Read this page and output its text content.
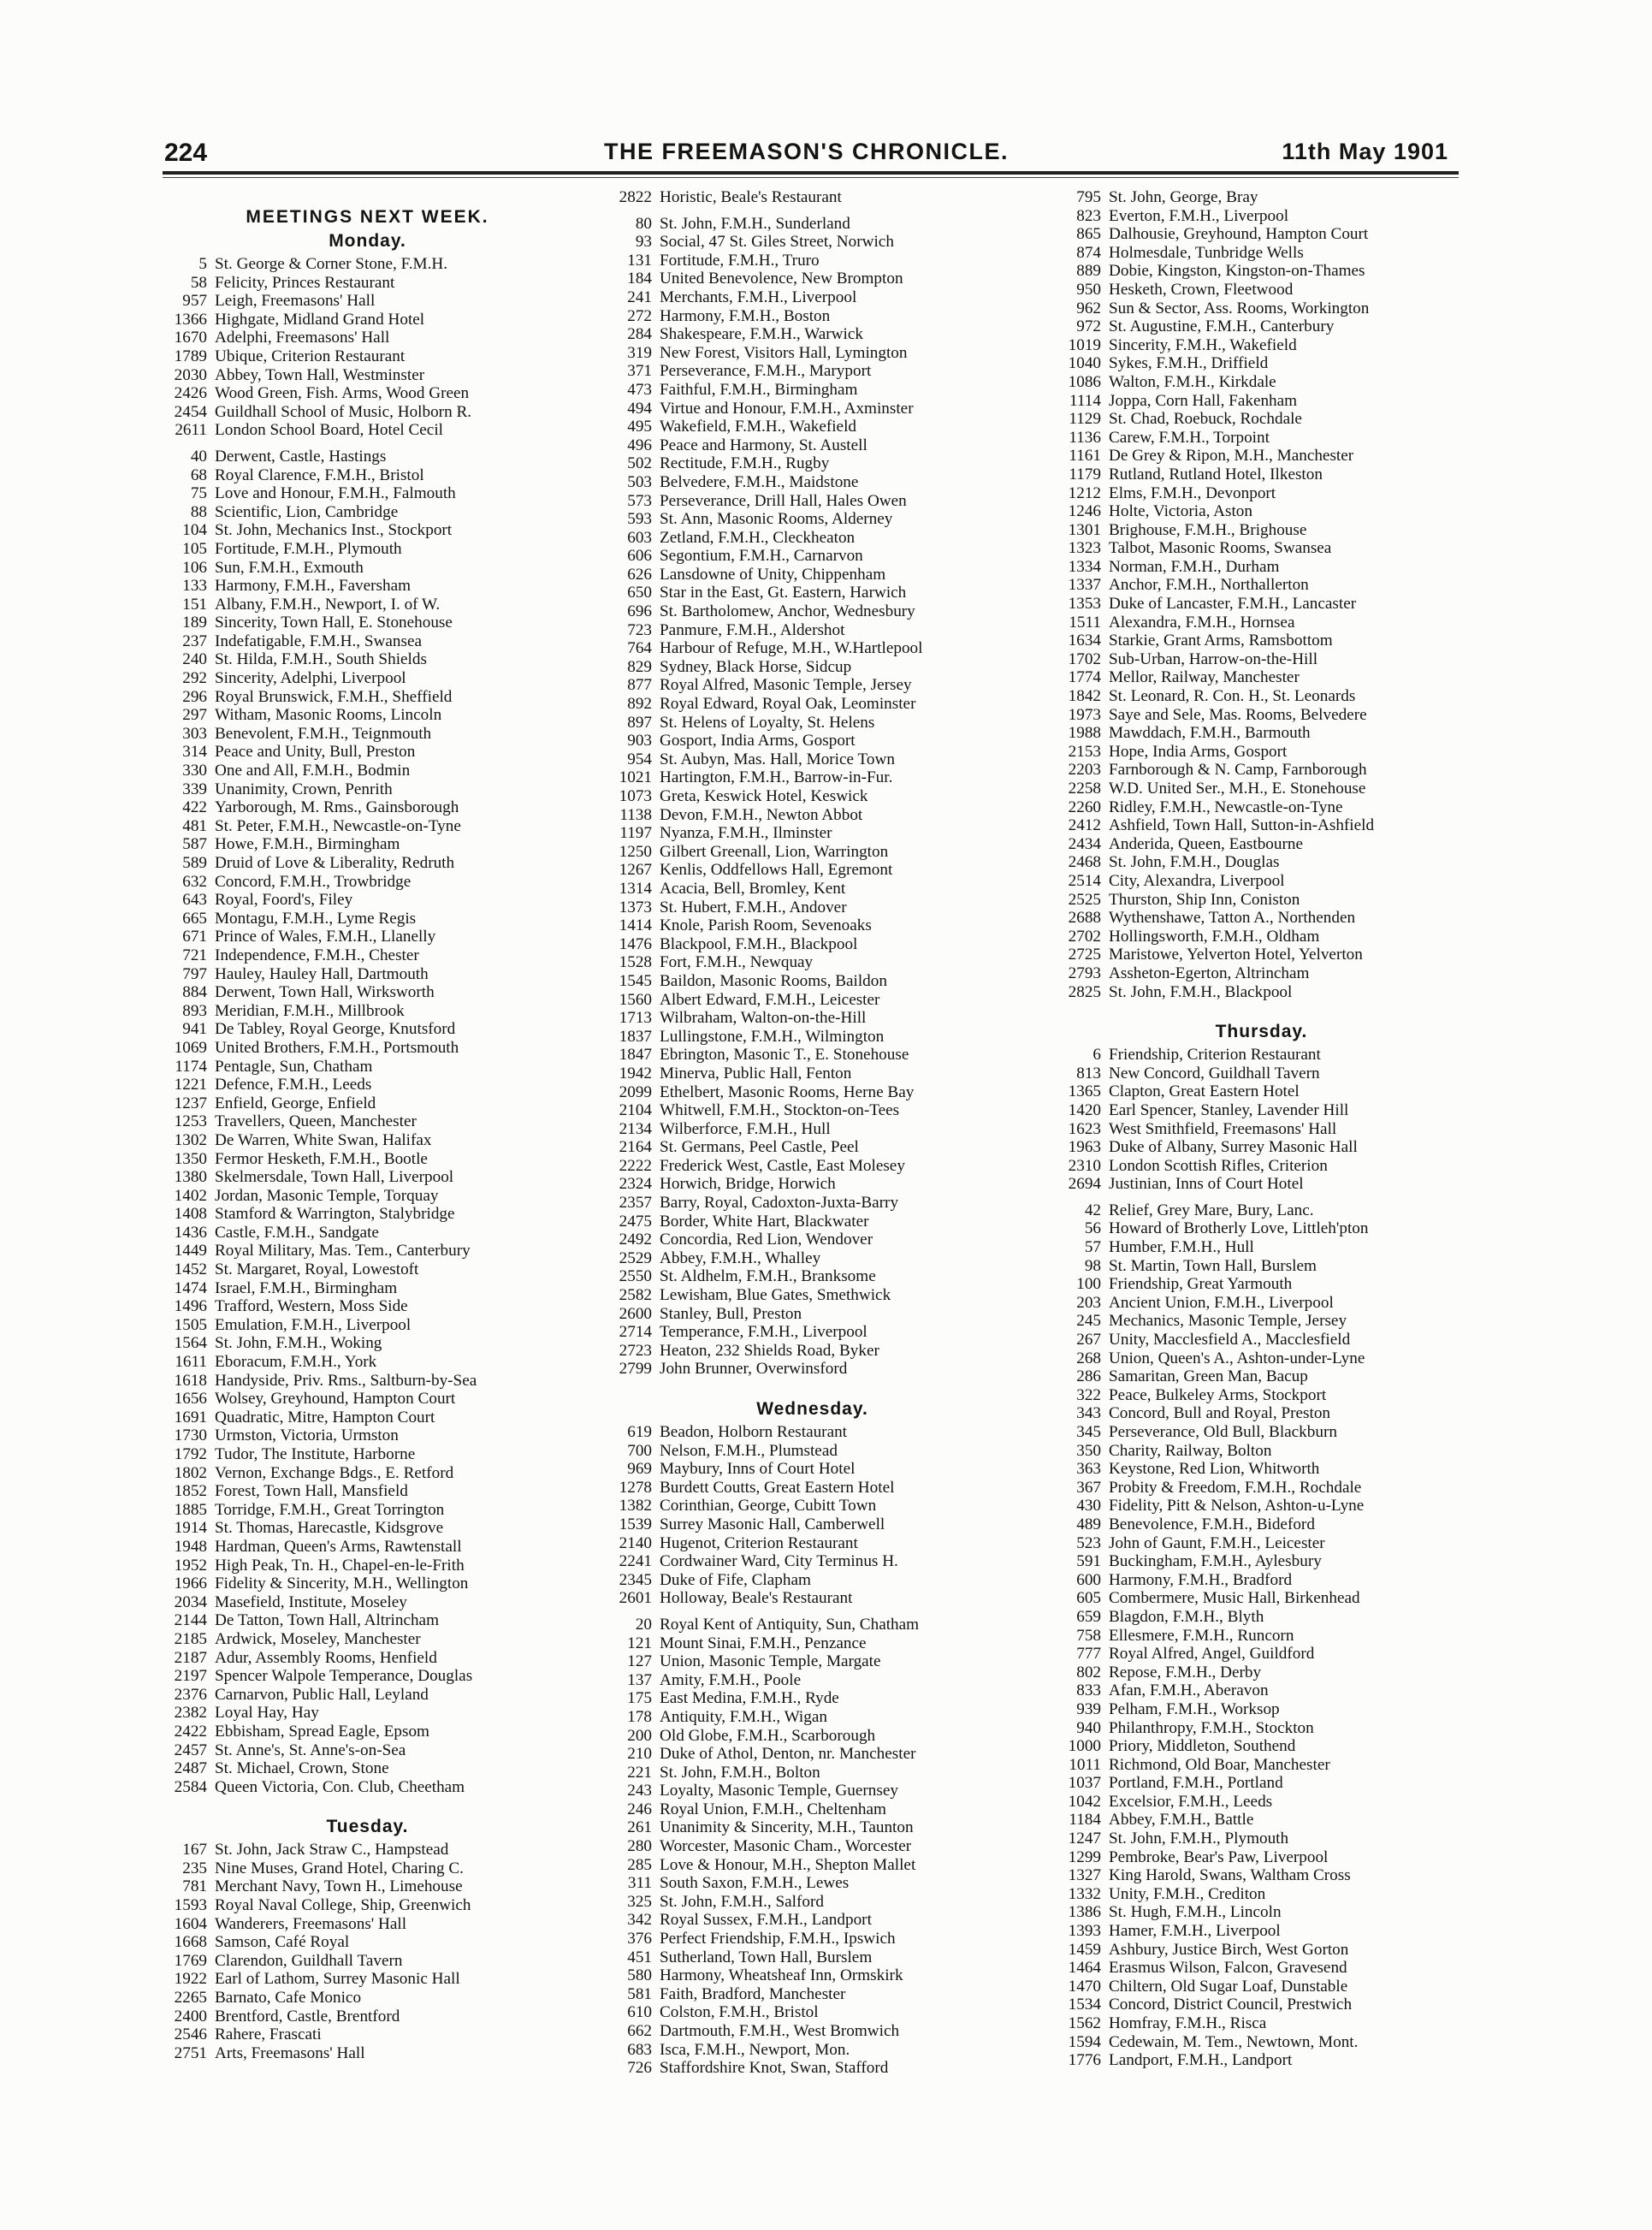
224	THE FREEMASON'S CHRONICLE.	11th May 1901
MEETINGS NEXT WEEK.
Monday.
5 St. George & Corner Stone, F.M.H.
58 Felicity, Princes Restaurant
957 Leigh, Freemasons' Hall
1366 Highgate, Midland Grand Hotel
1670 Adelphi, Freemasons' Hall
1789 Ubique, Criterion Restaurant
2030 Abbey, Town Hall, Westminster
2426 Wood Green, Fish. Arms, Wood Green
2454 Guildhall School of Music, Holborn R.
2611 London School Board, Hotel Cecil
40 Derwent, Castle, Hastings
68 Royal Clarence, F.M.H., Bristol
75 Love and Honour, F.M.H., Falmouth
88 Scientific, Lion, Cambridge
104 St. John, Mechanics Inst., Stockport
105 Fortitude, F.M.H., Plymouth
106 Sun, F.M.H., Exmouth
133 Harmony, F.M.H., Faversham
151 Albany, F.M.H., Newport, I. of W.
189 Sincerity, Town Hall, E. Stonehouse
237 Indefatigable, F.M.H., Swansea
240 St. Hilda, F.M.H., South Shields
292 Sincerity, Adelphi, Liverpool
296 Royal Brunswick, F.M.H., Sheffield
297 Witham, Masonic Rooms, Lincoln
303 Benevolent, F.M.H., Teignmouth
314 Peace and Unity, Bull, Preston
330 One and All, F.M.H., Bodmin
339 Unanimity, Crown, Penrith
422 Yarborough, M. Rms., Gainsborough
481 St. Peter, F.M.H., Newcastle-on-Tyne
587 Howe, F.M.H., Birmingham
589 Druid of Love & Liberality, Redruth
632 Concord, F.M.H., Trowbridge
643 Royal, Foord's, Filey
665 Montagu, F.M.H., Lyme Regis
671 Prince of Wales, F.M.H., Llanelly
721 Independence, F.M.H., Chester
797 Hauley, Hauley Hall, Dartmouth
884 Derwent, Town Hall, Wirksworth
893 Meridian, F.M.H., Millbrook
941 De Tabley, Royal George, Knutsford
1069 United Brothers, F.M.H., Portsmouth
1174 Pentagle, Sun, Chatham
1221 Defence, F.M.H., Leeds
1237 Enfield, George, Enfield
1253 Travellers, Queen, Manchester
1302 De Warren, White Swan, Halifax
1350 Fermor Hesketh, F.M.H., Bootle
1380 Skelmersdale, Town Hall, Liverpool
1402 Jordan, Masonic Temple, Torquay
1408 Stamford & Warrington, Stalybridge
1436 Castle, F.M.H., Sandgate
1449 Royal Military, Mas. Tem., Canterbury
1452 St. Margaret, Royal, Lowestoft
1474 Israel, F.M.H., Birmingham
1496 Trafford, Western, Moss Side
1505 Emulation, F.M.H., Liverpool
1564 St. John, F.M.H., Woking
1611 Eboracum, F.M.H., York
1618 Handyside, Priv. Rms., Saltburn-by-Sea
1656 Wolsey, Greyhound, Hampton Court
1691 Quadratic, Mitre, Hampton Court
1730 Urmston, Victoria, Urmston
1792 Tudor, The Institute, Harborne
1802 Vernon, Exchange Bdgs., E. Retford
1852 Forest, Town Hall, Mansfield
1885 Torridge, F.M.H., Great Torrington
1914 St. Thomas, Harecastle, Kidsgrove
1948 Hardman, Queen's Arms, Rawtenstall
1952 High Peak, Tn. H., Chapel-en-le-Frith
1966 Fidelity & Sincerity, M.H., Wellington
2034 Masefield, Institute, Moseley
2144 De Tatton, Town Hall, Altrincham
2185 Ardwick, Moseley, Manchester
2187 Adur, Assembly Rooms, Henfield
2197 Spencer Walpole Temperance, Douglas
2376 Carnarvon, Public Hall, Leyland
2382 Loyal Hay, Hay
2422 Ebbisham, Spread Eagle, Epsom
2457 St. Anne's, St. Anne's-on-Sea
2487 St. Michael, Crown, Stone
2584 Queen Victoria, Con. Club, Cheetham
Tuesday.
167 St. John, Jack Straw C., Hampstead
235 Nine Muses, Grand Hotel, Charing C.
781 Merchant Navy, Town H., Limehouse
1593 Royal Naval College, Ship, Greenwich
1604 Wanderers, Freemasons' Hall
1668 Samson, Café Royal
1769 Clarendon, Guildhall Tavern
1922 Earl of Lathom, Surrey Masonic Hall
2265 Barnato, Cafe Monico
2400 Brentford, Castle, Brentford
2546 Rahere, Frascati
2751 Arts, Freemasons' Hall
2822 Horistic, Beale's Restaurant
80 St. John, F.M.H., Sunderland
93 Social, 47 St. Giles Street, Norwich
131 Fortitude, F.M.H., Truro
184 United Benevolence, New Brompton
241 Merchants, F.M.H., Liverpool
272 Harmony, F.M.H., Boston
284 Shakespeare, F.M.H., Warwick
319 New Forest, Visitors Hall, Lymington
371 Perseverance, F.M.H., Maryport
473 Faithful, F.M.H., Birmingham
494 Virtue and Honour, F.M.H., Axminster
495 Wakefield, F.M.H., Wakefield
496 Peace and Harmony, St. Austell
502 Rectitude, F.M.H., Rugby
503 Belvedere, F.M.H., Maidstone
573 Perseverance, Drill Hall, Hales Owen
593 St. Ann, Masonic Rooms, Alderney
603 Zetland, F.M.H., Cleckheaton
606 Segontium, F.M.H., Carnarvon
626 Lansdowne of Unity, Chippenham
650 Star in the East, Gt. Eastern, Harwich
696 St. Bartholomew, Anchor, Wednesbury
723 Panmure, F.M.H., Aldershot
764 Harbour of Refuge, M.H., W.Hartlepool
829 Sydney, Black Horse, Sidcup
877 Royal Alfred, Masonic Temple, Jersey
892 Royal Edward, Royal Oak, Leominster
897 St. Helens of Loyalty, St. Helens
903 Gosport, India Arms, Gosport
954 St. Aubyn, Mas. Hall, Morice Town
1021 Hartington, F.M.H., Barrow-in-Fur.
1073 Greta, Keswick Hotel, Keswick
1138 Devon, F.M.H., Newton Abbot
1197 Nyanza, F.M.H., Ilminster
1250 Gilbert Greenall, Lion, Warrington
1267 Kenlis, Oddfellows Hall, Egremont
1314 Acacia, Bell, Bromley, Kent
1373 St. Hubert, F.M.H., Andover
1414 Knole, Parish Room, Sevenoaks
1476 Blackpool, F.M.H., Blackpool
1528 Fort, F.M.H., Newquay
1545 Baildon, Masonic Rooms, Baildon
1560 Albert Edward, F.M.H., Leicester
1713 Wilbraham, Walton-on-the-Hill
1837 Lullingstone, F.M.H., Wilmington
1847 Ebrington, Masonic T., E. Stonehouse
1942 Minerva, Public Hall, Fenton
2099 Ethelbert, Masonic Rooms, Herne Bay
2104 Whitwell, F.M.H., Stockton-on-Tees
2134 Wilberforce, F.M.H., Hull
2164 St. Germans, Peel Castle, Peel
2222 Frederick West, Castle, East Molesey
2324 Horwich, Bridge, Horwich
2357 Barry, Royal, Cadoxton-Juxta-Barry
2475 Border, White Hart, Blackwater
2492 Concordia, Red Lion, Wendover
2529 Abbey, F.M.H., Whalley
2550 St. Aldhelm, F.M.H., Branksome
2582 Lewisham, Blue Gates, Smethwick
2600 Stanley, Bull, Preston
2714 Temperance, F.M.H., Liverpool
2723 Heaton, 232 Shields Road, Byker
2799 John Brunner, Overwinsford
Wednesday.
619 Beadon, Holborn Restaurant
700 Nelson, F.M.H., Plumstead
969 Maybury, Inns of Court Hotel
1278 Burdett Coutts, Great Eastern Hotel
1382 Corinthian, George, Cubitt Town
1539 Surrey Masonic Hall, Camberwell
2140 Hugenot, Criterion Restaurant
2241 Cordwainer Ward, City Terminus H.
2345 Duke of Fife, Clapham
2601 Holloway, Beale's Restaurant
20 Royal Kent of Antiquity, Sun, Chatham
121 Mount Sinai, F.M.H., Penzance
127 Union, Masonic Temple, Margate
137 Amity, F.M.H., Poole
175 East Medina, F.M.H., Ryde
178 Antiquity, F.M.H., Wigan
200 Old Globe, F.M.H., Scarborough
210 Duke of Athol, Denton, nr. Manchester
221 St. John, F.M.H., Bolton
243 Loyalty, Masonic Temple, Guernsey
246 Royal Union, F.M.H., Cheltenham
261 Unanimity & Sincerity, M.H., Taunton
280 Worcester, Masonic Cham., Worcester
285 Love & Honour, M.H., Shepton Mallet
311 South Saxon, F.M.H., Lewes
325 St. John, F.M.H., Salford
342 Royal Sussex, F.M.H., Landport
376 Perfect Friendship, F.M.H., Ipswich
451 Sutherland, Town Hall, Burslem
580 Harmony, Wheatsheaf Inn, Ormskirk
581 Faith, Bradford, Manchester
610 Colston, F.M.H., Bristol
662 Dartmouth, F.M.H., West Bromwich
683 Isca, F.M.H., Newport, Mon.
726 Staffordshire Knot, Swan, Stafford
795 St. John, George, Bray
823 Everton, F.M.H., Liverpool
865 Dalhousie, Greyhound, Hampton Court
874 Holmesdale, Tunbridge Wells
889 Dobie, Kingston, Kingston-on-Thames
950 Hesketh, Crown, Fleetwood
962 Sun & Sector, Ass. Rooms, Workington
972 St. Augustine, F.M.H., Canterbury
1019 Sincerity, F.M.H., Wakefield
1040 Sykes, F.M.H., Driffield
1086 Walton, F.M.H., Kirkdale
1114 Joppa, Corn Hall, Fakenham
1129 St. Chad, Roebuck, Rochdale
1136 Carew, F.M.H., Torpoint
1161 De Grey & Ripon, M.H., Manchester
1179 Rutland, Rutland Hotel, Ilkeston
1212 Elms, F.M.H., Devonport
1246 Holte, Victoria, Aston
1301 Brighouse, F.M.H., Brighouse
1323 Talbot, Masonic Rooms, Swansea
1334 Norman, F.M.H., Durham
1337 Anchor, F.M.H., Northallerton
1353 Duke of Lancaster, F.M.H., Lancaster
1511 Alexandra, F.M.H., Hornsea
1634 Starkie, Grant Arms, Ramsbottom
1702 Sub-Urban, Harrow-on-the-Hill
1774 Mellor, Railway, Manchester
1842 St. Leonard, R. Con. H., St. Leonards
1973 Saye and Sele, Mas. Rooms, Belvedere
1988 Mawddach, F.M.H., Barmouth
2153 Hope, India Arms, Gosport
2203 Farnborough & N. Camp, Farnborough
2258 W.D. United Ser., M.H., E. Stonehouse
2260 Ridley, F.M.H., Newcastle-on-Tyne
2412 Ashfield, Town Hall, Sutton-in-Ashfield
2434 Anderida, Queen, Eastbourne
2468 St. John, F.M.H., Douglas
2514 City, Alexandra, Liverpool
2525 Thurston, Ship Inn, Coniston
2688 Wythenshawe, Tatton A., Northenden
2702 Hollingsworth, F.M.H., Oldham
2725 Maristowe, Yelverton Hotel, Yelverton
2793 Assheton-Egerton, Altrincham
2825 St. John, F.M.H., Blackpool
Thursday.
6 Friendship, Criterion Restaurant
813 New Concord, Guildhall Tavern
1365 Clapton, Great Eastern Hotel
1420 Earl Spencer, Stanley, Lavender Hill
1623 West Smithfield, Freemasons' Hall
1963 Duke of Albany, Surrey Masonic Hall
2310 London Scottish Rifles, Criterion
2694 Justinian, Inns of Court Hotel
42 Relief, Grey Mare, Bury, Lanc.
56 Howard of Brotherly Love, Littleh'pton
57 Humber, F.M.H., Hull
98 St. Martin, Town Hall, Burslem
100 Friendship, Great Yarmouth
203 Ancient Union, F.M.H., Liverpool
245 Mechanics, Masonic Temple, Jersey
267 Unity, Macclesfield A., Macclesfield
268 Union, Queen's A., Ashton-under-Lyne
286 Samaritan, Green Man, Bacup
322 Peace, Bulkeley Arms, Stockport
343 Concord, Bull and Royal, Preston
345 Perseverance, Old Bull, Blackburn
350 Charity, Railway, Bolton
363 Keystone, Red Lion, Whitworth
367 Probity & Freedom, F.M.H., Rochdale
430 Fidelity, Pitt & Nelson, Ashton-u-Lyne
489 Benevolence, F.M.H., Bideford
523 John of Gaunt, F.M.H., Leicester
591 Buckingham, F.M.H., Aylesbury
600 Harmony, F.M.H., Bradford
605 Combermere, Music Hall, Birkenhead
659 Blagdon, F.M.H., Blyth
758 Ellesmere, F.M.H., Runcorn
777 Royal Alfred, Angel, Guildford
802 Repose, F.M.H., Derby
833 Afan, F.M.H., Aberavon
939 Pelham, F.M.H., Worksop
940 Philanthropy, F.M.H., Stockton
1000 Priory, Middleton, Southend
1011 Richmond, Old Boar, Manchester
1037 Portland, F.M.H., Portland
1042 Excelsior, F.M.H., Leeds
1184 Abbey, F.M.H., Battle
1247 St. John, F.M.H., Plymouth
1299 Pembroke, Bear's Paw, Liverpool
1327 King Harold, Swans, Waltham Cross
1332 Unity, F.M.H., Crediton
1386 St. Hugh, F.M.H., Lincoln
1393 Hamer, F.M.H., Liverpool
1459 Ashbury, Justice Birch, West Gorton
1464 Erasmus Wilson, Falcon, Gravesend
1470 Chiltern, Old Sugar Loaf, Dunstable
1534 Concord, District Council, Prestwich
1562 Homfray, F.M.H., Risca
1594 Cedewain, M. Tem., Newtown, Mont.
1776 Landport, F.M.H., Landport
